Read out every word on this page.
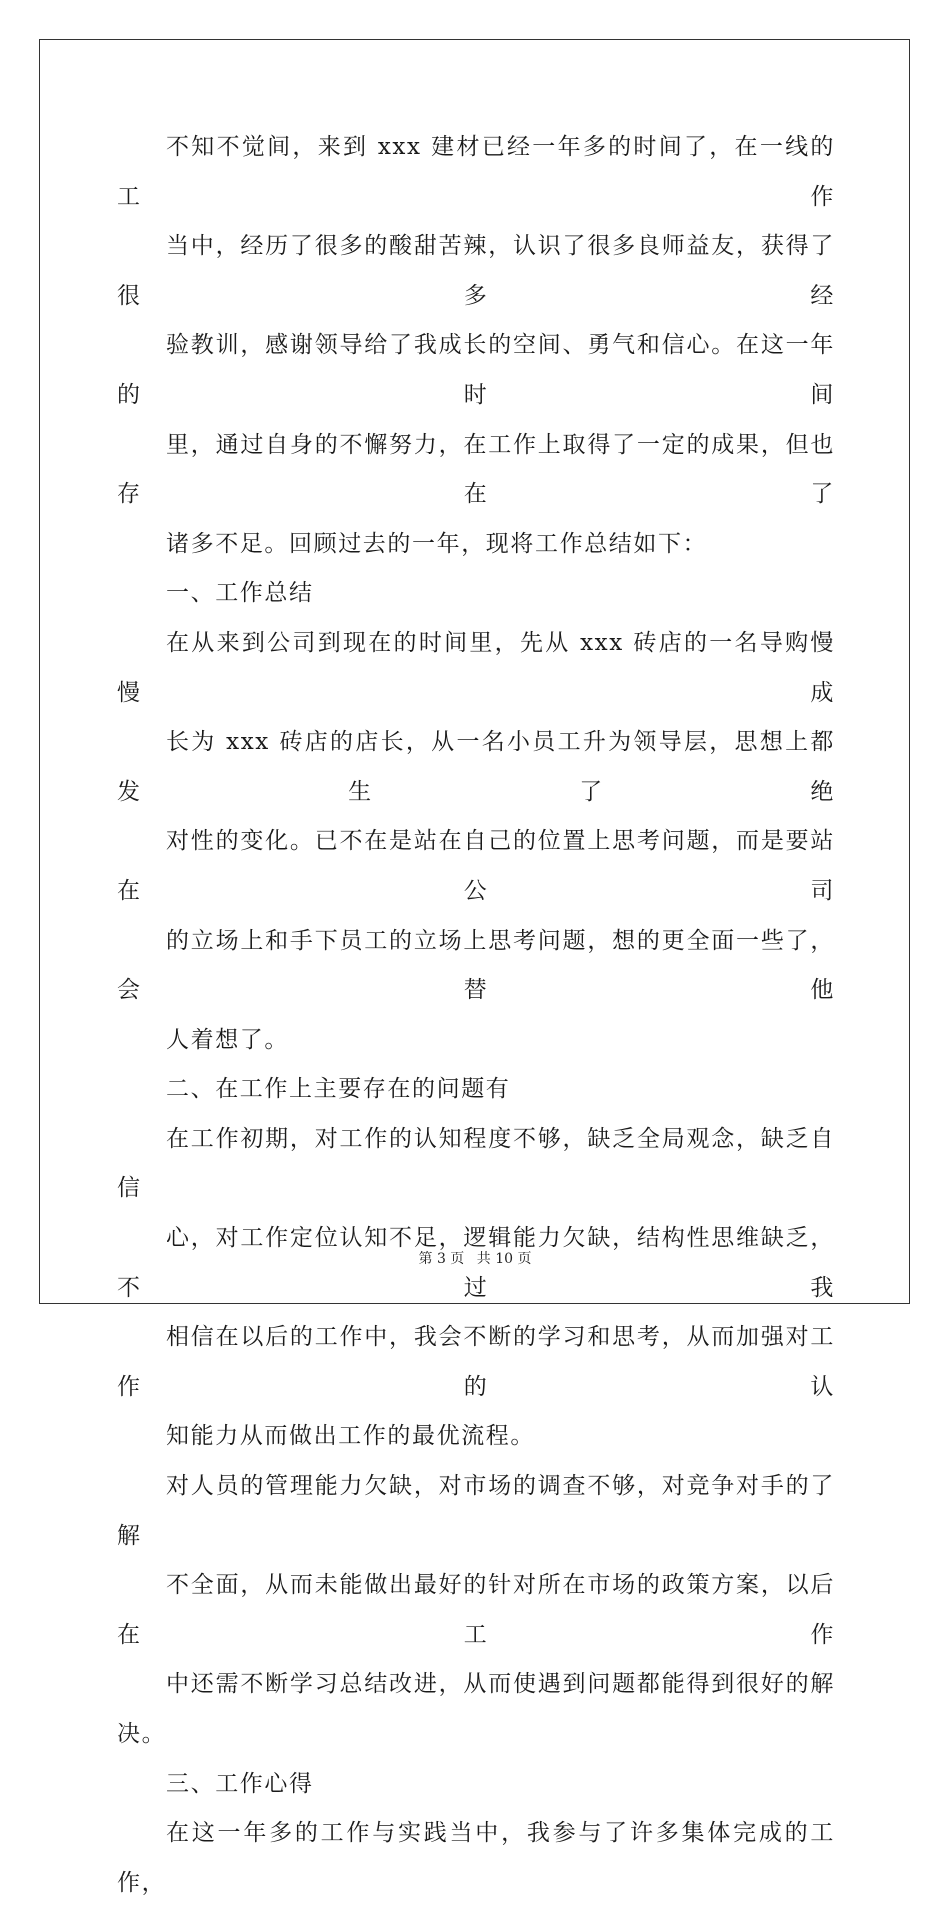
不知不觉间，来到 xxx 建材已经一年多的时间了，在一线的工作
当中，经历了很多的酸甜苦辣，认识了很多良师益友，获得了很多经
验教训，感谢领导给了我成长的空间、勇气和信心。在这一年的时间
里，通过自身的不懈努力，在工作上取得了一定的成果，但也存在了
诸多不足。回顾过去的一年，现将工作总结如下：

一、工作总结

在从来到公司到现在的时间里，先从 xxx 砖店的一名导购慢慢成
长为 xxx 砖店的店长，从一名小员工升为领导层，思想上都发生了绝
对性的变化。已不在是站在自己的位置上思考问题，而是要站在公司
的立场上和手下员工的立场上思考问题，想的更全面一些了，会替他
人着想了。

二、在工作上主要存在的问题有

在工作初期，对工作的认知程度不够，缺乏全局观念，缺乏自信
心，对工作定位认知不足，逻辑能力欠缺，结构性思维缺乏，不过我
相信在以后的工作中，我会不断的学习和思考，从而加强对工作的认
知能力从而做出工作的最优流程。

对人员的管理能力欠缺，对市场的调查不够，对竞争对手的了解
不全面，从而未能做出最好的针对所在市场的政策方案，以后在工作
中还需不断学习总结改进，从而使遇到问题都能得到很好的解决。

三、工作心得

在这一年多的工作与实践当中，我参与了许多集体完成的工作，

第 3 页 共 10 页
